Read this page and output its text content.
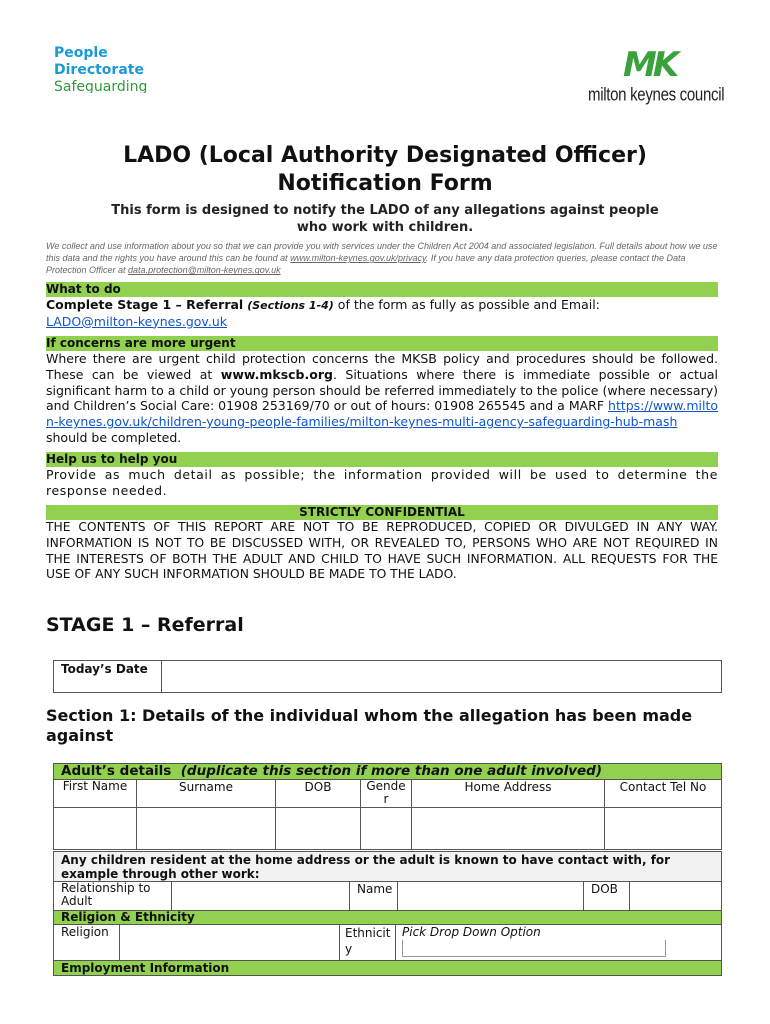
People
Directorate
Safeguarding
MK
milton keynes council
LADO (Local Authority Designated Officer)
Notification Form
This form is designed to notify the LADO of any allegations against people
who work with children.
We collect and use information about you so that we can provide you with services under the Children Act 2004 and associated legislation. Full details about how we use this data and the rights you have around this can be found at www.milton-keynes.gov.uk/privacy. If you have any data protection queries, please contact the Data Protection Officer at data.protection@milton-keynes.gov.uk
What to do
Complete Stage 1 – Referral (Sections 1-4) of the form as fully as possible and Email:
LADO@milton-keynes.gov.uk
If concerns are more urgent
Where there are urgent child protection concerns the MKSB policy and procedures should be followed. These can be viewed at www.mkscb.org. Situations where there is immediate possible or actual significant harm to a child or young person should be referred immediately to the police (where necessary) and Children’s Social Care: 01908 253169/70 or out of hours: 01908 265545 and a MARF https://www.milton-keynes.gov.uk/children-young-people-families/milton-keynes-multi-agency-safeguarding-hub-mash should be completed.
Help us to help you
Provide as much detail as possible; the information provided will be used to determine the response needed.
STRICTLY CONFIDENTIAL
THE CONTENTS OF THIS REPORT ARE NOT TO BE REPRODUCED, COPIED OR DIVULGED IN ANY WAY. INFORMATION IS NOT TO BE DISCUSSED WITH, OR REVEALED TO, PERSONS WHO ARE NOT REQUIRED IN THE INTERESTS OF BOTH THE ADULT AND CHILD TO HAVE SUCH INFORMATION. ALL REQUESTS FOR THE USE OF ANY SUCH INFORMATION SHOULD BE MADE TO THE LADO.
STAGE 1 – Referral
Today’s Date	
Section 1: Details of the individual whom the allegation has been made against
Adult’s details (duplicate this section if more than one adult involved)					
First Name	Surname	DOB	Gender	Home Address	Contact Tel No

Any children resident at the home address or the adult is known to have contact with, for example through other work:
Relationship to Adult		Name		DOB	
Religion & Ethnicity
Religion		Ethnicity	
Pick Drop Down Option

Employment Information
